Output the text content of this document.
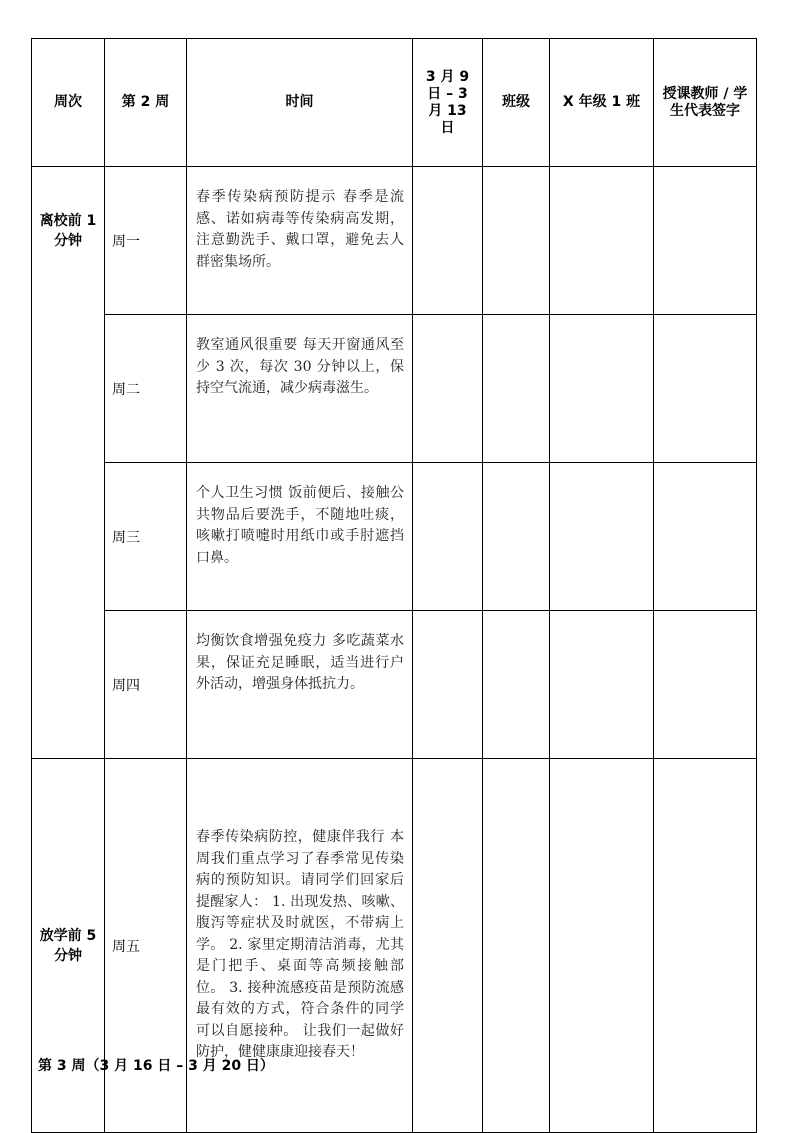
周次	第 2 周	时间	3 月 9 日 – 3 月 13 日	班级	X 年级 1 班	授课教师 / 学生代表签字
离校前 1 分钟	周一	春季传染病预防提示 春季是流感、诺如病毒等传染病高发期，注意勤洗手、戴口罩，避免去人群密集场所。				
	周二	教室通风很重要 每天开窗通风至少 3 次，每次 30 分钟以上，保持空气流通，减少病毒滋生。				
	周三	个人卫生习惯 饭前便后、接触公共物品后要洗手，不随地吐痰，咳嗽打喷嚏时用纸巾或手肘遮挡口鼻。				
	周四	均衡饮食增强免疫力 多吃蔬菜水果，保证充足睡眠，适当进行户外活动，增强身体抵抗力。				
放学前 5 分钟	周五	春季传染病防控，健康伴我行 本周我们重点学习了春季常见传染病的预防知识。请同学们回家后提醒家人： 1. 出现发热、咳嗽、腹泻等症状及时就医，不带病上学。 2. 家里定期清洁消毒，尤其是门把手、桌面等高频接触部位。 3. 接种流感疫苗是预防流感最有效的方式，符合条件的同学可以自愿接种。 让我们一起做好防护，健健康康迎接春天！				
第 3 周（3 月 16 日 – 3 月 20 日）
